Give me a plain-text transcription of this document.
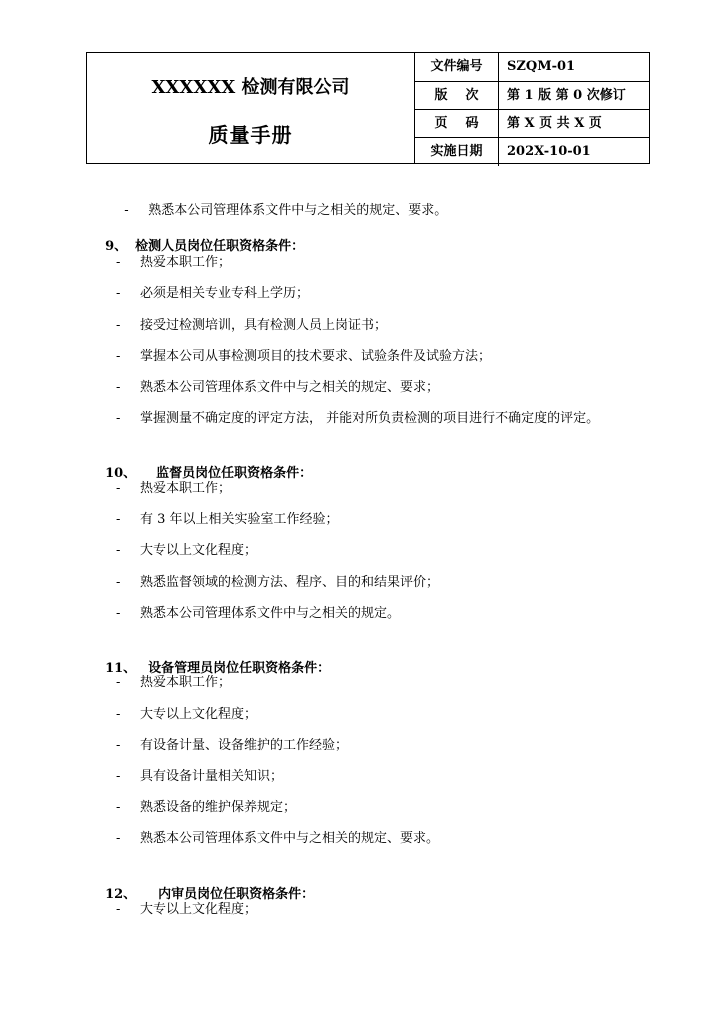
XXXXXX 检测有限公司
质量手册
文件编号	SZQM-01
版    次	第 1 版 第 0 次修订
页    码	第 X 页 共 X 页
实施日期	202X-10-01

- 熟悉本公司管理体系文件中与之相关的规定、要求。

9、 检测人员岗位任职资格条件：

- 热爱本职工作；
- 必须是相关专业专科上学历；
- 接受过检测培训，具有检测人员上岗证书；
- 掌握本公司从事检测项目的技术要求、试验条件及试验方法；
- 熟悉本公司管理体系文件中与之相关的规定、要求；
- 掌握测量不确定度的评定方法， 并能对所负责检测的项目进行不确定度的评定。

10、 监督员岗位任职资格条件：

- 热爱本职工作；
- 有 3 年以上相关实验室工作经验；
- 大专以上文化程度；
- 熟悉监督领域的检测方法、程序、目的和结果评价；
- 熟悉本公司管理体系文件中与之相关的规定。

11、 设备管理员岗位任职资格条件：

- 热爱本职工作；
- 大专以上文化程度；
- 有设备计量、设备维护的工作经验；
- 具有设备计量相关知识；
- 熟悉设备的维护保养规定；
- 熟悉本公司管理体系文件中与之相关的规定、要求。

12、 内审员岗位任职资格条件：

- 大专以上文化程度；
